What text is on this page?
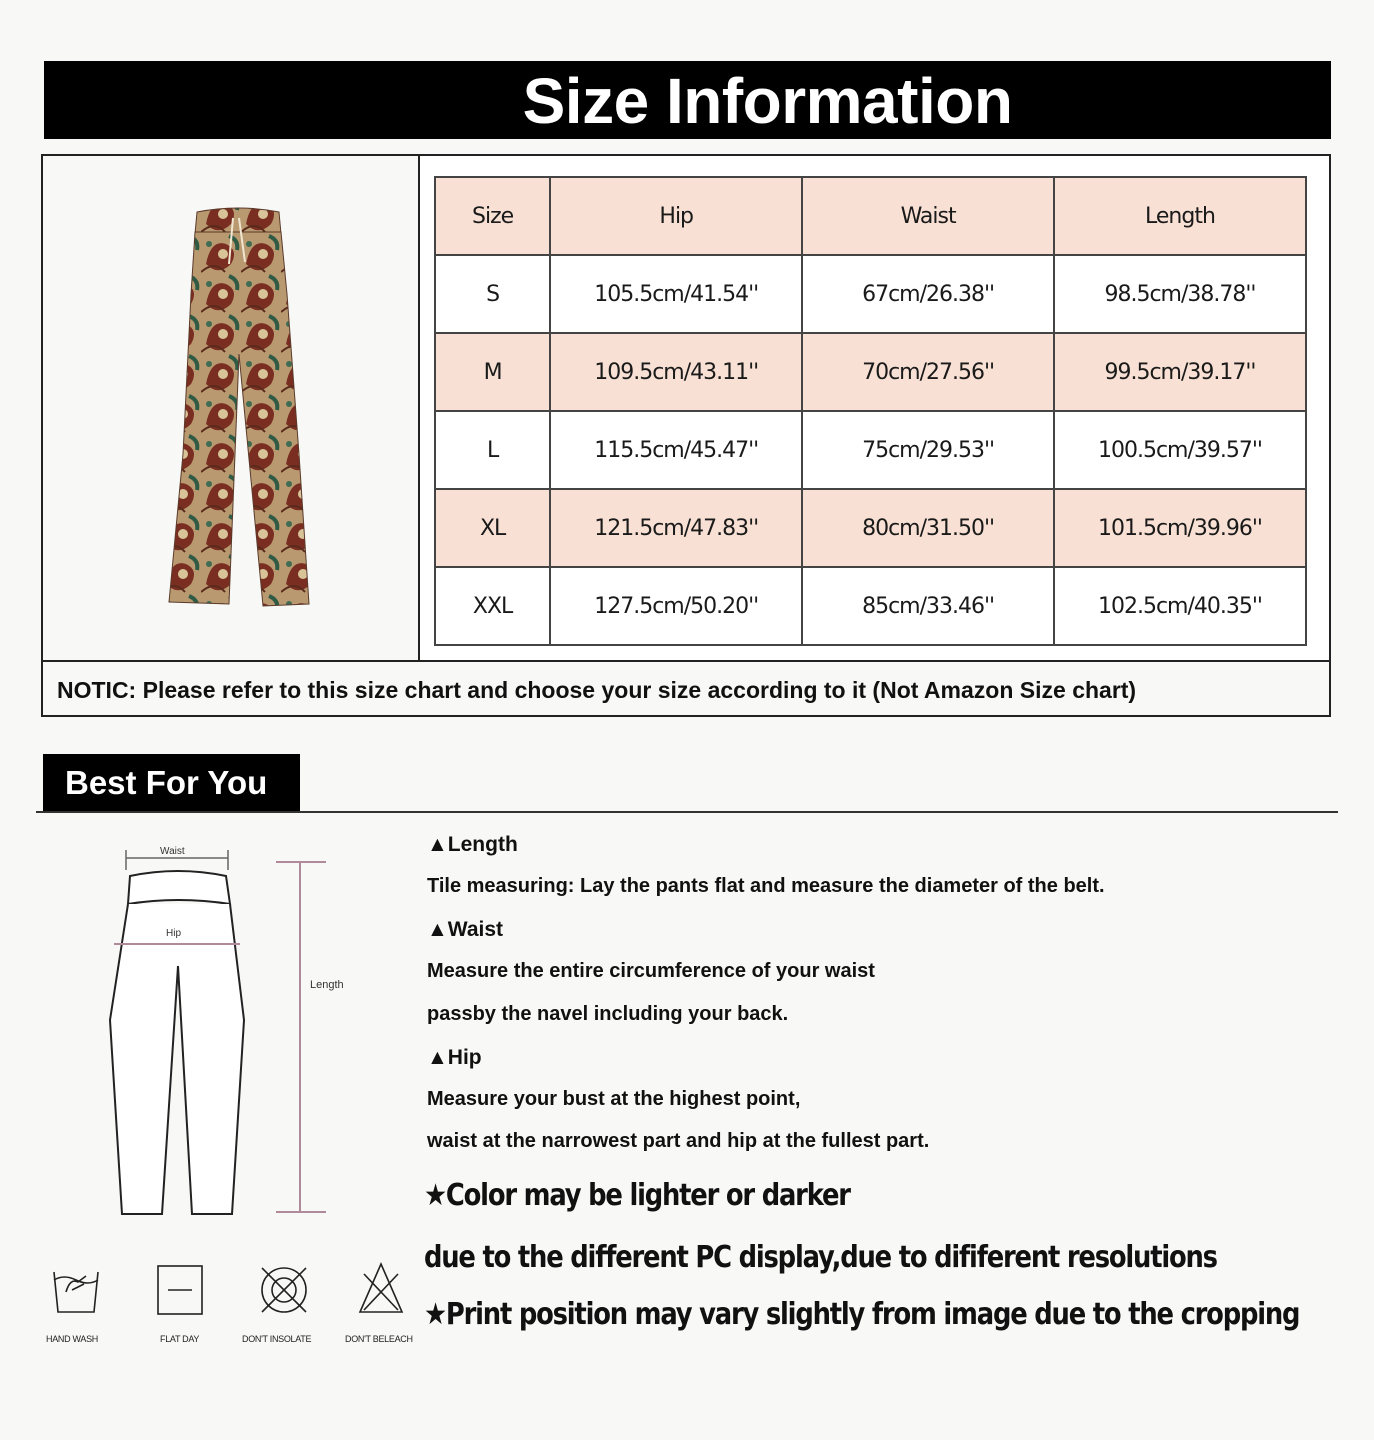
Size Information
Size	Hip	Waist	Length
S	105.5cm/41.54''	67cm/26.38''	98.5cm/38.78''
M	109.5cm/43.11''	70cm/27.56''	99.5cm/39.17''
L	115.5cm/45.47''	75cm/29.53''	100.5cm/39.57''
XL	121.5cm/47.83''	80cm/31.50''	101.5cm/39.96''
XXL	127.5cm/50.20''	85cm/33.46''	102.5cm/40.35''
NOTIC: Please refer to this size chart and choose your size according to it (Not Amazon Size chart)
Best For You
Waist
Hip
Length
▲Length
Tile measuring: Lay the pants flat and measure the diameter of the belt.
▲Waist
Measure the entire circumference of your waist
passby the navel including your back.
▲Hip
Measure your bust at the highest point,
waist at the narrowest part and hip at the fullest part.
★Color may be lighter or darker
due to the different PC display,due to dififerent resolutions
★Print position may vary slightly from image due to the cropping
HAND WASH	FLAT DAY	DON'T INSOLATE	DON'T BELEACH
